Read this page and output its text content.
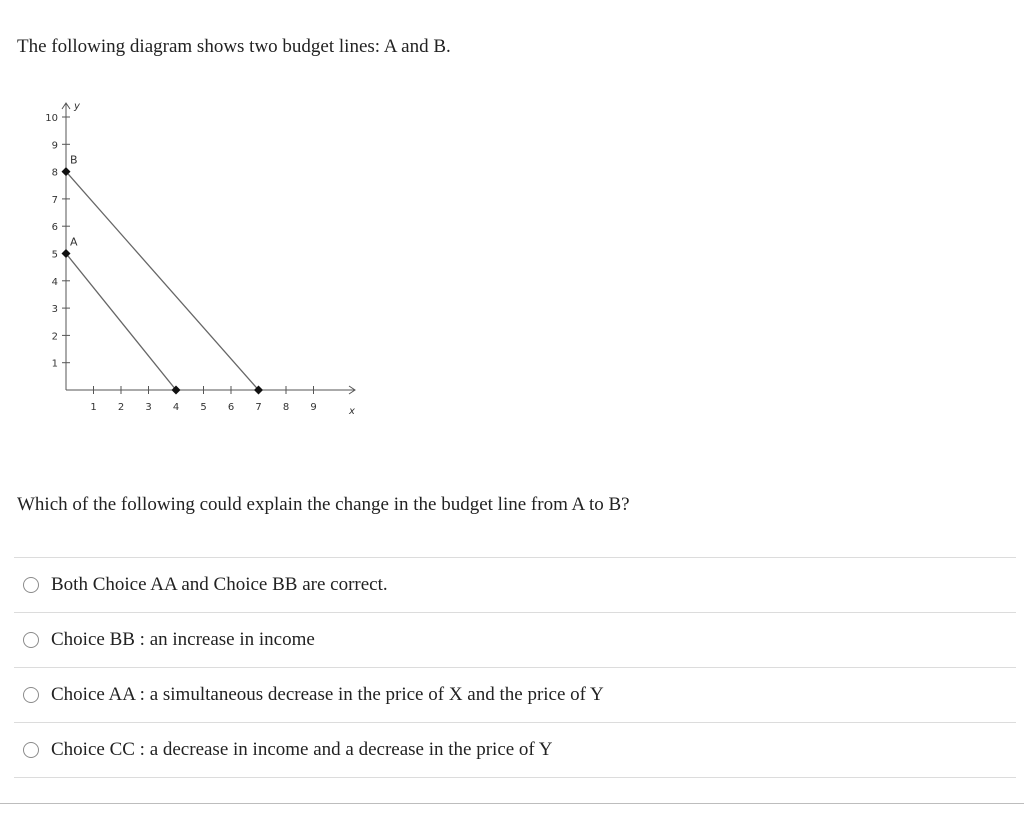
The following diagram shows two budget lines: A and B.

1 2 3 4 5 6 7 8 9
1
2
3
4
5
6
7
8
9
10
x
y
A
B

Which of the following could explain the change in the budget line from A to B?

Both Choice AA and Choice BB are correct.
Choice BB : an increase in income
Choice AA : a simultaneous decrease in the price of X and the price of Y
Choice CC : a decrease in income and a decrease in the price of Y
